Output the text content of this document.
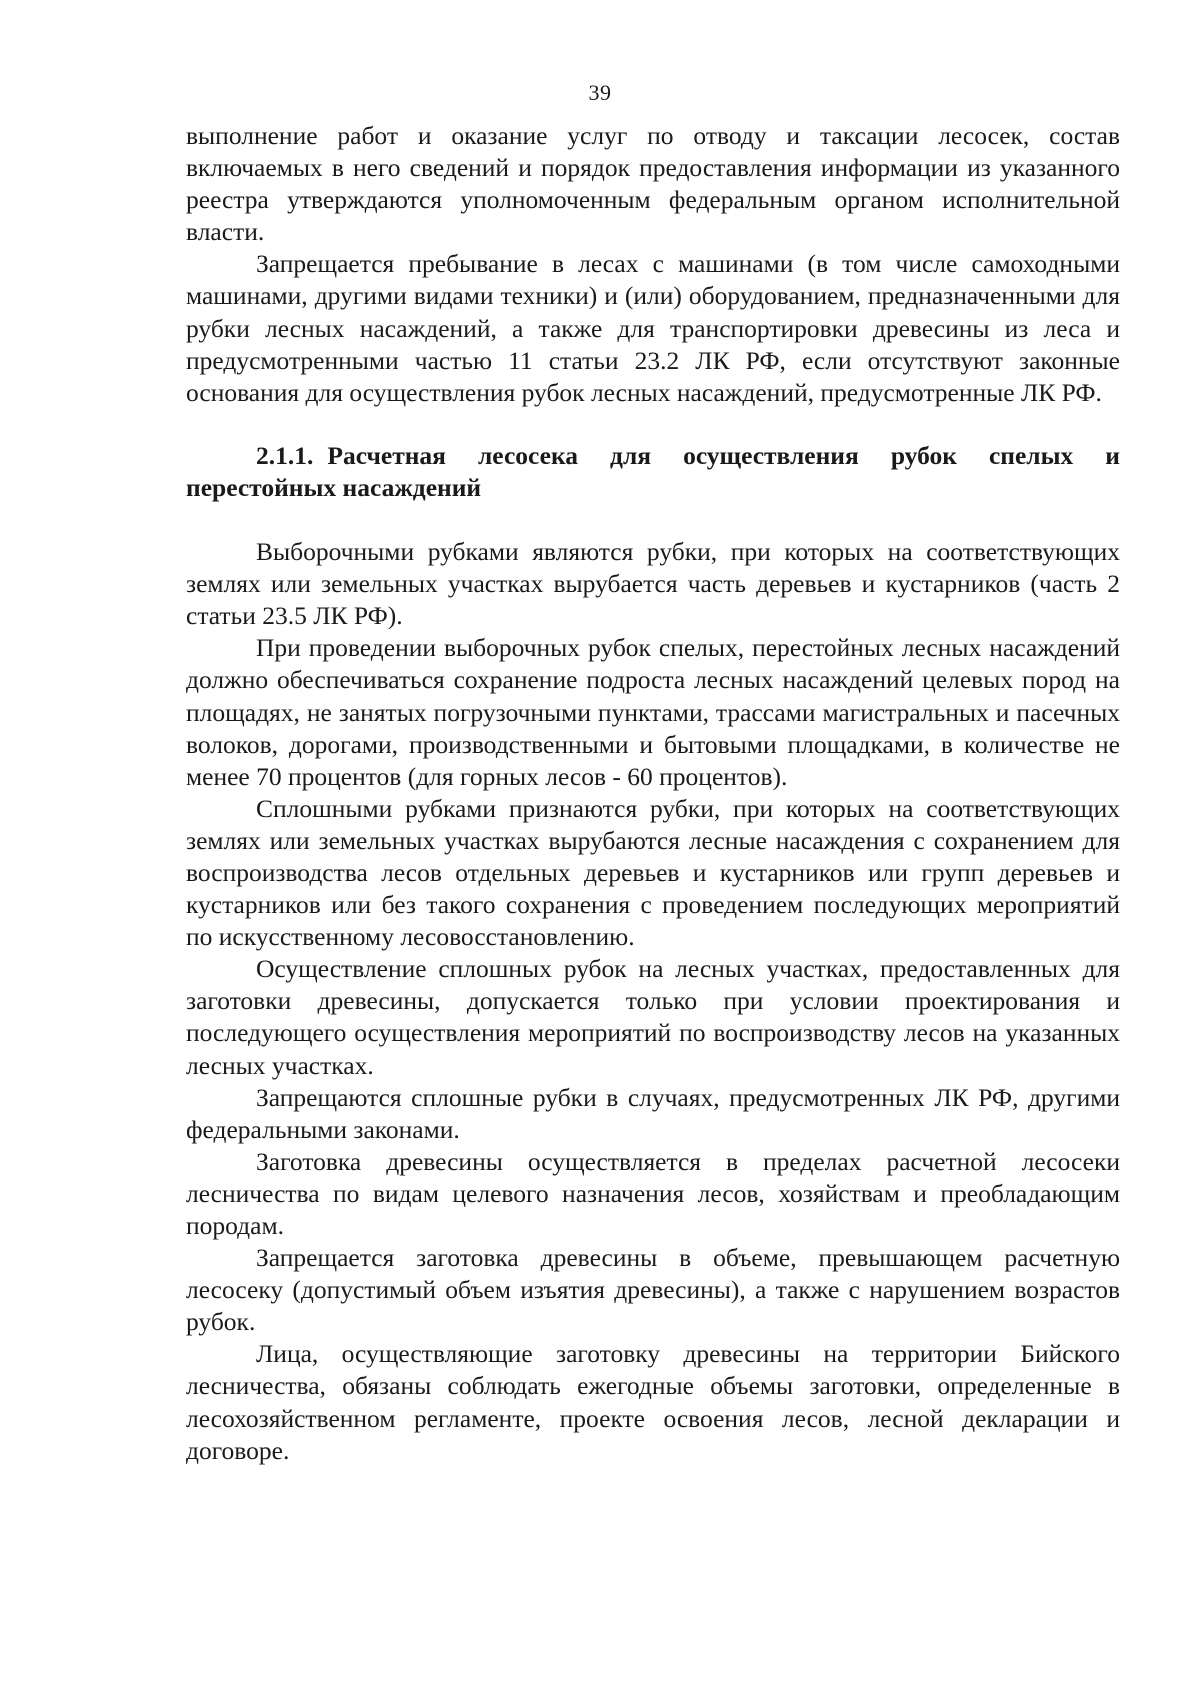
39

выполнение работ и оказание услуг по отводу и таксации лесосек, состав включаемых в него сведений и порядок предоставления информации из указанного реестра утверждаются уполномоченным федеральным органом исполнительной власти.

Запрещается пребывание в лесах с машинами (в том числе самоходными машинами, другими видами техники) и (или) оборудованием, предназначенными для рубки лесных насаждений, а также для транспортировки древесины из леса и предусмотренными частью 11 статьи 23.2 ЛК РФ, если отсутствуют законные основания для осуществления рубок лесных насаждений, предусмотренные ЛК РФ.

2.1.1. Расчетная лесосека для осуществления рубок спелых и перестойных насаждений

Выборочными рубками являются рубки, при которых на соответствующих землях или земельных участках вырубается часть деревьев и кустарников (часть 2 статьи 23.5 ЛК РФ).

При проведении выборочных рубок спелых, перестойных лесных насаждений должно обеспечиваться сохранение подроста лесных насаждений целевых пород на площадях, не занятых погрузочными пунктами, трассами магистральных и пасечных волоков, дорогами, производственными и бытовыми площадками, в количестве не менее 70 процентов (для горных лесов - 60 процентов).

Сплошными рубками признаются рубки, при которых на соответствующих землях или земельных участках вырубаются лесные насаждения с сохранением для воспроизводства лесов отдельных деревьев и кустарников или групп деревьев и кустарников или без такого сохранения с проведением последующих мероприятий по искусственному лесовосстановлению.

Осуществление сплошных рубок на лесных участках, предоставленных для заготовки древесины, допускается только при условии проектирования и последующего осуществления мероприятий по воспроизводству лесов на указанных лесных участках.

Запрещаются сплошные рубки в случаях, предусмотренных ЛК РФ, другими федеральными законами.

Заготовка древесины осуществляется в пределах расчетной лесосеки лесничества по видам целевого назначения лесов, хозяйствам и преобладающим породам.

Запрещается заготовка древесины в объеме, превышающем расчетную лесосеку (допустимый объем изъятия древесины), а также с нарушением возрастов рубок.

Лица, осуществляющие заготовку древесины на территории Бийского лесничества, обязаны соблюдать ежегодные объемы заготовки, определенные в лесохозяйственном регламенте, проекте освоения лесов, лесной декларации и договоре.
